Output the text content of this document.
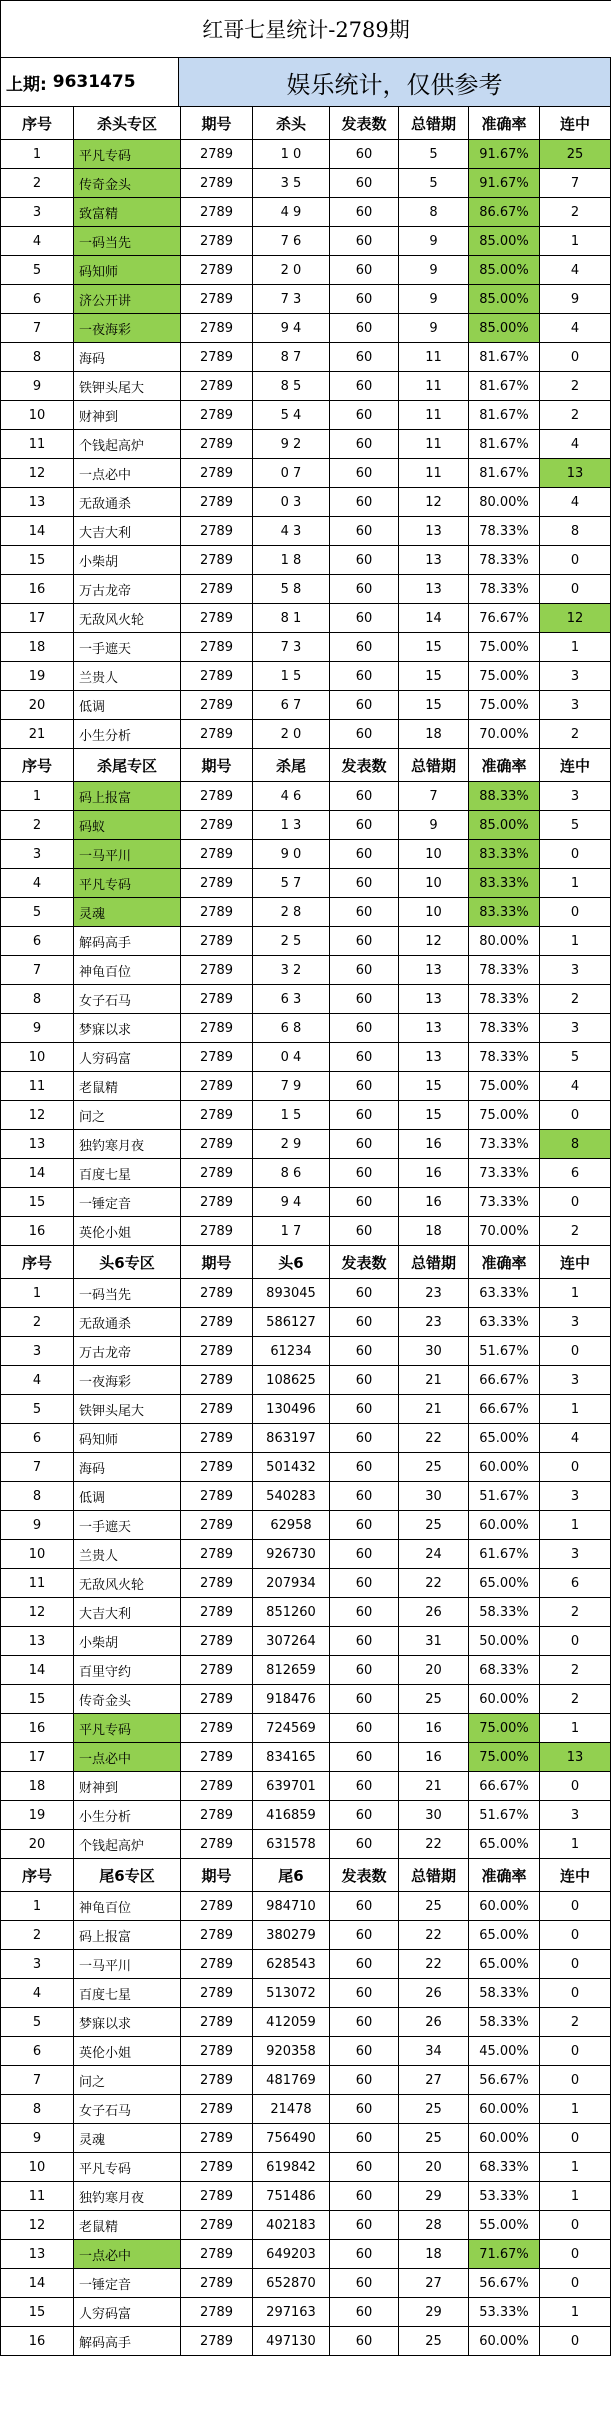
红哥七星统计-2789期
上期:
9631475	娱乐统计，仅供参考
序号	杀头专区	期号	杀头	发表数	总错期	准确率	连中
1	平凡专码	2789	1 0	60	5	91.67%	25
2	传奇金头	2789	3 5	60	5	91.67%	7
3	致富精	2789	4 9	60	8	86.67%	2
4	一码当先	2789	7 6	60	9	85.00%	1
5	码知师	2789	2 0	60	9	85.00%	4
6	济公开讲	2789	7 3	60	9	85.00%	9
7	一夜海彩	2789	9 4	60	9	85.00%	4
8	海码	2789	8 7	60	11	81.67%	0
9	铁钾头尾大	2789	8 5	60	11	81.67%	2
10	财神到	2789	5 4	60	11	81.67%	2
11	个钱起高炉	2789	9 2	60	11	81.67%	4
12	一点必中	2789	0 7	60	11	81.67%	13
13	无敌通杀	2789	0 3	60	12	80.00%	4
14	大吉大利	2789	4 3	60	13	78.33%	8
15	小柴胡	2789	1 8	60	13	78.33%	0
16	万古龙帝	2789	5 8	60	13	78.33%	0
17	无敌风火轮	2789	8 1	60	14	76.67%	12
18	一手遮天	2789	7 3	60	15	75.00%	1
19	兰贵人	2789	1 5	60	15	75.00%	3
20	低调	2789	6 7	60	15	75.00%	3
21	小生分析	2789	2 0	60	18	70.00%	2
序号	杀尾专区	期号	杀尾	发表数	总错期	准确率	连中
1	码上报富	2789	4 6	60	7	88.33%	3
2	码蚁	2789	1 3	60	9	85.00%	5
3	一马平川	2789	9 0	60	10	83.33%	0
4	平凡专码	2789	5 7	60	10	83.33%	1
5	灵魂	2789	2 8	60	10	83.33%	0
6	解码高手	2789	2 5	60	12	80.00%	1
7	神龟百位	2789	3 2	60	13	78.33%	3
8	女子石马	2789	6 3	60	13	78.33%	2
9	梦寐以求	2789	6 8	60	13	78.33%	3
10	人穷码富	2789	0 4	60	13	78.33%	5
11	老鼠精	2789	7 9	60	15	75.00%	4
12	问之	2789	1 5	60	15	75.00%	0
13	独钓寒月夜	2789	2 9	60	16	73.33%	8
14	百度七星	2789	8 6	60	16	73.33%	6
15	一锤定音	2789	9 4	60	16	73.33%	0
16	英伦小姐	2789	1 7	60	18	70.00%	2
序号	头6专区	期号	头6	发表数	总错期	准确率	连中
1	一码当先	2789	893045	60	23	63.33%	1
2	无敌通杀	2789	586127	60	23	63.33%	3
3	万古龙帝	2789	61234	60	30	51.67%	0
4	一夜海彩	2789	108625	60	21	66.67%	3
5	铁钾头尾大	2789	130496	60	21	66.67%	1
6	码知师	2789	863197	60	22	65.00%	4
7	海码	2789	501432	60	25	60.00%	0
8	低调	2789	540283	60	30	51.67%	3
9	一手遮天	2789	62958	60	25	60.00%	1
10	兰贵人	2789	926730	60	24	61.67%	3
11	无敌风火轮	2789	207934	60	22	65.00%	6
12	大吉大利	2789	851260	60	26	58.33%	2
13	小柴胡	2789	307264	60	31	50.00%	0
14	百里守约	2789	812659	60	20	68.33%	2
15	传奇金头	2789	918476	60	25	60.00%	2
16	平凡专码	2789	724569	60	16	75.00%	1
17	一点必中	2789	834165	60	16	75.00%	13
18	财神到	2789	639701	60	21	66.67%	0
19	小生分析	2789	416859	60	30	51.67%	3
20	个钱起高炉	2789	631578	60	22	65.00%	1
序号	尾6专区	期号	尾6	发表数	总错期	准确率	连中
1	神龟百位	2789	984710	60	25	60.00%	0
2	码上报富	2789	380279	60	22	65.00%	0
3	一马平川	2789	628543	60	22	65.00%	0
4	百度七星	2789	513072	60	26	58.33%	0
5	梦寐以求	2789	412059	60	26	58.33%	2
6	英伦小姐	2789	920358	60	34	45.00%	0
7	问之	2789	481769	60	27	56.67%	0
8	女子石马	2789	21478	60	25	60.00%	1
9	灵魂	2789	756490	60	25	60.00%	0
10	平凡专码	2789	619842	60	20	68.33%	1
11	独钓寒月夜	2789	751486	60	29	53.33%	1
12	老鼠精	2789	402183	60	28	55.00%	0
13	一点必中	2789	649203	60	18	71.67%	0
14	一锤定音	2789	652870	60	27	56.67%	0
15	人穷码富	2789	297163	60	29	53.33%	1
16	解码高手	2789	497130	60	25	60.00%	0
